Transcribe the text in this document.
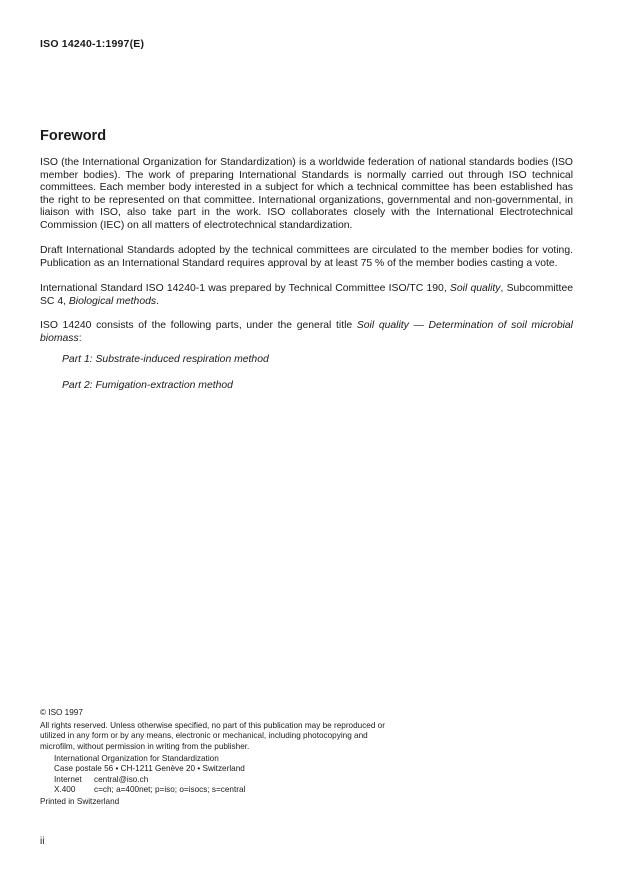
ISO 14240-1:1997(E)
Foreword
ISO (the International Organization for Standardization) is a worldwide federation of national standards bodies (ISO member bodies). The work of preparing International Standards is normally carried out through ISO technical committees. Each member body interested in a subject for which a technical committee has been established has the right to be represented on that committee. International organizations, governmental and non-governmental, in liaison with ISO, also take part in the work. ISO collaborates closely with the International Electrotechnical Commission (IEC) on all matters of electrotechnical standardization.
Draft International Standards adopted by the technical committees are circulated to the member bodies for voting. Publication as an International Standard requires approval by at least 75 % of the member bodies casting a vote.
International Standard ISO 14240-1 was prepared by Technical Committee ISO/TC 190, Soil quality, Subcommittee SC 4, Biological methods.
ISO 14240 consists of the following parts, under the general title Soil quality — Determination of soil microbial biomass:
Part 1: Substrate-induced respiration method
Part 2: Fumigation-extraction method
© ISO 1997
All rights reserved. Unless otherwise specified, no part of this publication may be reproduced or utilized in any form or by any means, electronic or mechanical, including photocopying and microfilm, without permission in writing from the publisher.
International Organization for Standardization
Case postale 56 • CH-1211 Genève 20 • Switzerland
Internet central@iso.ch
X.400 c=ch; a=400net; p=iso; o=isocs; s=central
Printed in Switzerland
ii
